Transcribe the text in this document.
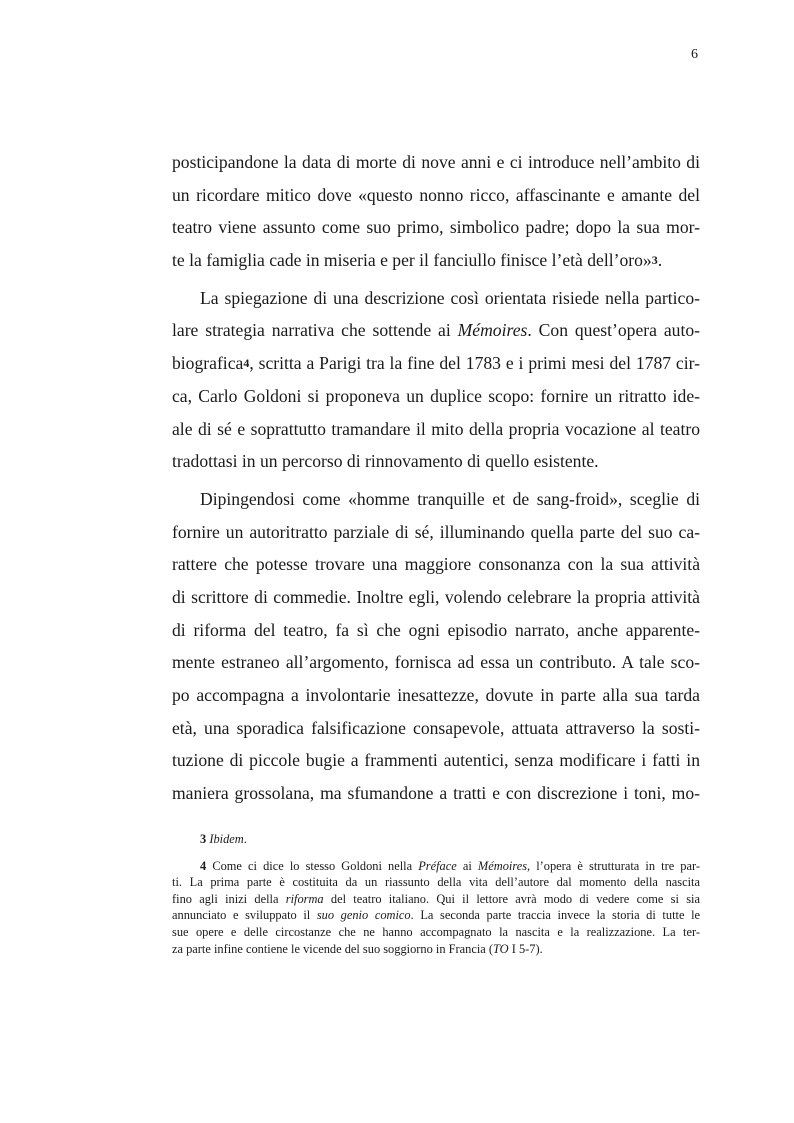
6
posticipandone la data di morte di nove anni e ci introduce nell’ambito di
un ricordare mitico dove «questo nonno ricco, affascinante e amante del
teatro viene assunto come suo primo, simbolico padre; dopo la sua mor-
te la famiglia cade in miseria e per il fanciullo finisce l’età dell’oro»3.
La spiegazione di una descrizione così orientata risiede nella partico-
lare strategia narrativa che sottende ai Mémoires. Con quest’opera auto-
biografica4, scritta a Parigi tra la fine del 1783 e i primi mesi del 1787 cir-
ca, Carlo Goldoni si proponeva un duplice scopo: fornire un ritratto ide-
ale di sé e soprattutto tramandare il mito della propria vocazione al teatro
tradottasi in un percorso di rinnovamento di quello esistente.
Dipingendosi come «homme tranquille et de sang-froid», sceglie di
fornire un autoritratto parziale di sé, illuminando quella parte del suo ca-
rattere che potesse trovare una maggiore consonanza con la sua attività
di scrittore di commedie. Inoltre egli, volendo celebrare la propria attività
di riforma del teatro, fa sì che ogni episodio narrato, anche apparente-
mente estraneo all’argomento, fornisca ad essa un contributo. A tale sco-
po accompagna a involontarie inesattezze, dovute in parte alla sua tarda
età, una sporadica falsificazione consapevole, attuata attraverso la sosti-
tuzione di piccole bugie a frammenti autentici, senza modificare i fatti in
maniera grossolana, ma sfumandone a tratti e con discrezione i toni, mo-
3 Ibidem.
4 Come ci dice lo stesso Goldoni nella Préface ai Mémoires, l’opera è strutturata in tre par-
ti. La prima parte è costituita da un riassunto della vita dell’autore dal momento della nascita
fino agli inizi della riforma del teatro italiano. Qui il lettore avrà modo di vedere come si sia
annunciato e sviluppato il suo genio comico. La seconda parte traccia invece la storia di tutte le
sue opere e delle circostanze che ne hanno accompagnato la nascita e la realizzazione. La ter-
za parte infine contiene le vicende del suo soggiorno in Francia (TO I 5-7).
